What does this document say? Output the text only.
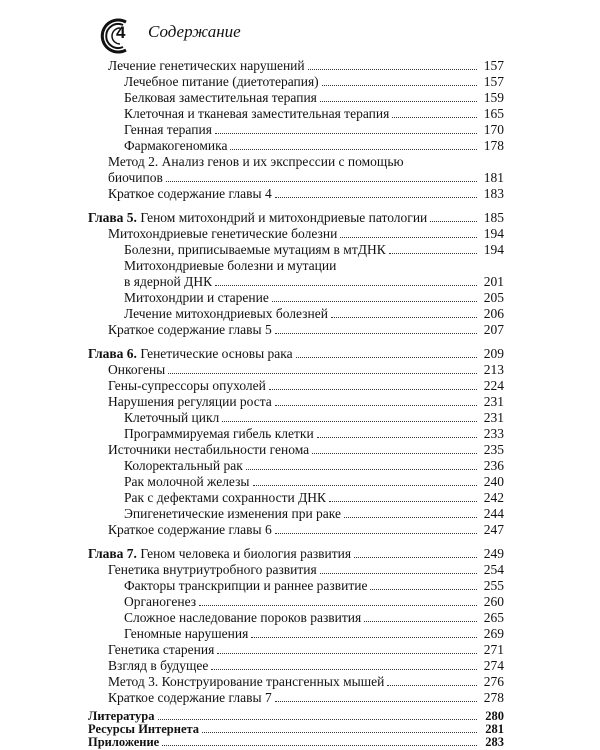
4 Содержание
Лечение генетических нарушений	157
Лечебное питание (диетотерапия)	157
Белковая заместительная терапия	159
Клеточная и тканевая заместительная терапия	165
Генная терапия	170
Фармакогеномика	178
Метод 2. Анализ генов и их экспрессии с помощью
биочипов	181
Краткое содержание главы 4	183
Глава 5. Геном митохондрий и митохондриевые патологии	185
Митохондриевые генетические болезни	194
Болезни, приписываемые мутациям в мтДНК	194
Митохондриевые болезни и мутации
в ядерной ДНК	201
Митохондрии и старение	205
Лечение митохондриевых болезней	206
Краткое содержание главы 5	207
Глава 6. Генетические основы рака	209
Онкогены	213
Гены-супрессоры опухолей	224
Нарушения регуляции роста	231
Клеточный цикл	231
Программируемая гибель клетки	233
Источники нестабильности генома	235
Колоректальный рак	236
Рак молочной железы	240
Рак с дефектами сохранности ДНК	242
Эпигенетические изменения при раке	244
Краткое содержание главы 6	247
Глава 7. Геном человека и биология развития	249
Генетика внутриутробного развития	254
Факторы транскрипции и раннее развитие	255
Органогенез	260
Сложное наследование пороков развития	265
Геномные нарушения	269
Генетика старения	271
Взгляд в будущее	274
Метод 3. Конструирование трансгенных мышей	276
Краткое содержание главы 7	278
Литература	280
Ресурсы Интернета	281
Приложение	283
